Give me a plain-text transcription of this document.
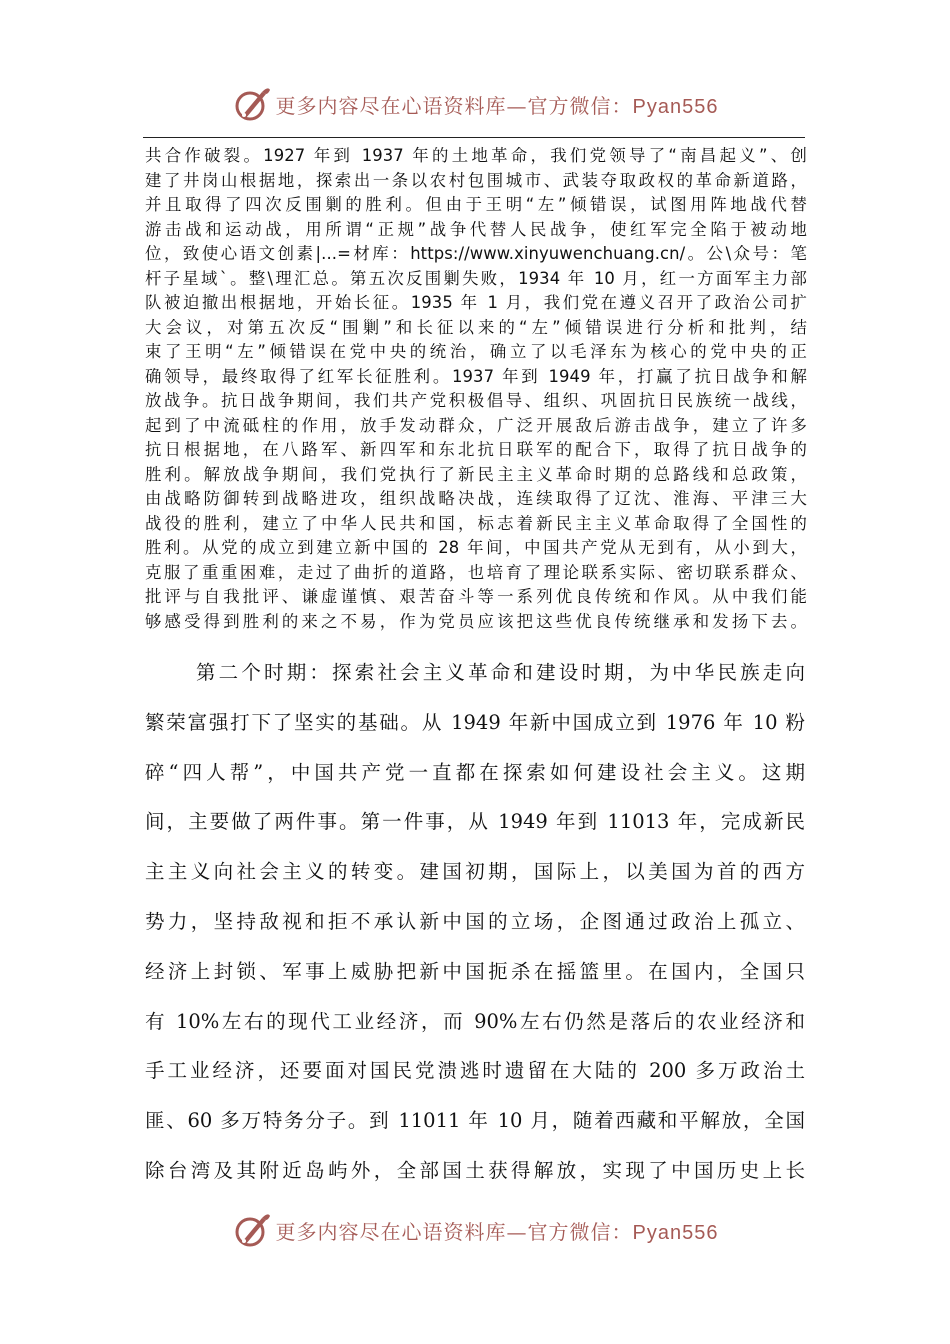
更多内容尽在心语资料库—官方微信：Pyan556
共合作破裂。1927 年到 1937 年的土地革命，我们党领导了“南昌起义”、创
建了井岗山根据地，探索出一条以农村包围城市、武装夺取政权的革命新道路，
并且取得了四次反围剿的胜利。但由于王明“左”倾错误，试图用阵地战代替
游击战和运动战，用所谓“正规”战争代替人民战争，使红军完全陷于被动地
位，致使心语文创素|...=材库：https://www.xinyuwenchuang.cn/。公\众号：笔
杆子星域`。整\理汇总。第五次反围剿失败，1934 年 10 月，红一方面军主力部
队被迫撤出根据地，开始长征。1935 年 1 月，我们党在遵义召开了政治公司扩
大会议，对第五次反“围剿”和长征以来的“左”倾错误进行分析和批判，结
束了王明“左”倾错误在党中央的统治，确立了以毛泽东为核心的党中央的正
确领导，最终取得了红军长征胜利。1937 年到 1949 年，打赢了抗日战争和解
放战争。抗日战争期间，我们共产党积极倡导、组织、巩固抗日民族统一战线，
起到了中流砥柱的作用，放手发动群众，广泛开展敌后游击战争，建立了许多
抗日根据地，在八路军、新四军和东北抗日联军的配合下，取得了抗日战争的
胜利。解放战争期间，我们党执行了新民主主义革命时期的总路线和总政策，
由战略防御转到战略进攻，组织战略决战，连续取得了辽沈、淮海、平津三大
战役的胜利，建立了中华人民共和国，标志着新民主主义革命取得了全国性的
胜利。从党的成立到建立新中国的 28 年间，中国共产党从无到有，从小到大，
克服了重重困难，走过了曲折的道路，也培育了理论联系实际、密切联系群众、
批评与自我批评、谦虚谨慎、艰苦奋斗等一系列优良传统和作风。从中我们能
够感受得到胜利的来之不易，作为党员应该把这些优良传统继承和发扬下去。
第二个时期：探索社会主义革命和建设时期，为中华民族走向
繁荣富强打下了坚实的基础。从 1949 年新中国成立到 1976 年 10 粉
碎“四人帮”，中国共产党一直都在探索如何建设社会主义。这期
间，主要做了两件事。第一件事，从 1949 年到 11013 年，完成新民
主主义向社会主义的转变。建国初期，国际上，以美国为首的西方
势力，坚持敌视和拒不承认新中国的立场，企图通过政治上孤立、
经济上封锁、军事上威胁把新中国扼杀在摇篮里。在国内，全国只
有 10%左右的现代工业经济，而 90%左右仍然是落后的农业经济和
手工业经济，还要面对国民党溃逃时遗留在大陆的 200 多万政治土
匪、60 多万特务分子。到 11011 年 10 月，随着西藏和平解放，全国
除台湾及其附近岛屿外，全部国土获得解放，实现了中国历史上长
更多内容尽在心语资料库—官方微信：Pyan556
